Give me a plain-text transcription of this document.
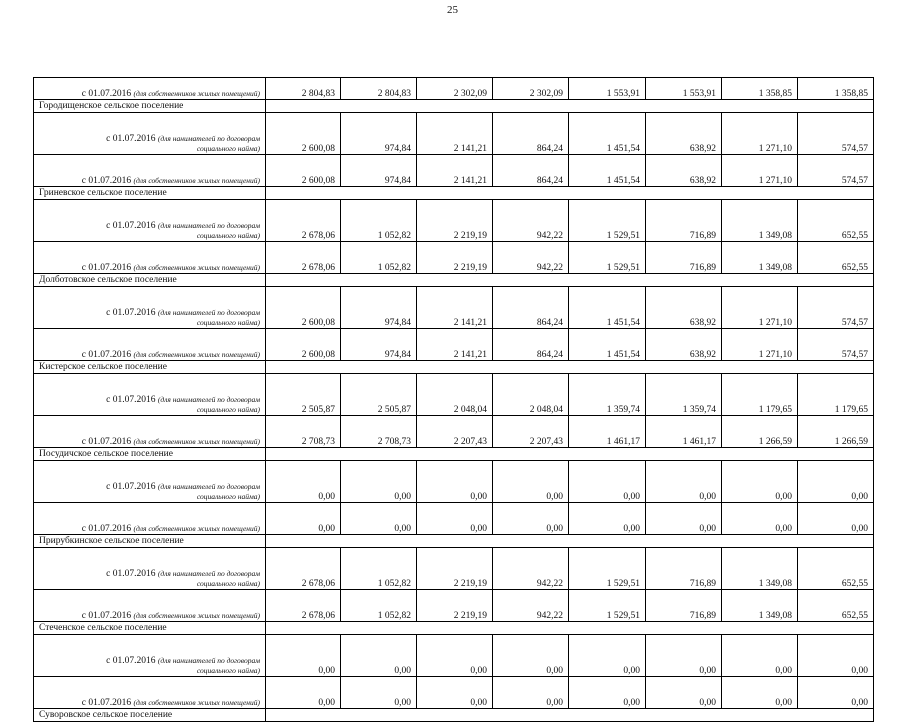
25
с 01.07.2016 (для собственников жилых помещений)	2 804,83	2 804,83	2 302,09	2 302,09	1 553,91	1 553,91	1 358,85	1 358,85
Городищенское сельское поселение								

с 01.07.2016 (для нанимателей по договорам
социального найма)	2 600,08	974,84	2 141,21	864,24	1 451,54	638,92	1 271,10	574,57
с 01.07.2016 (для собственников жилых помещений)	2 600,08	974,84	2 141,21	864,24	1 451,54	638,92	1 271,10	574,57
Гриневское сельское поселение								

с 01.07.2016 (для нанимателей по договорам
социального найма)	2 678,06	1 052,82	2 219,19	942,22	1 529,51	716,89	1 349,08	652,55
с 01.07.2016 (для собственников жилых помещений)	2 678,06	1 052,82	2 219,19	942,22	1 529,51	716,89	1 349,08	652,55
Долботовское сельское поселение								

с 01.07.2016 (для нанимателей по договорам
социального найма)	2 600,08	974,84	2 141,21	864,24	1 451,54	638,92	1 271,10	574,57
с 01.07.2016 (для собственников жилых помещений)	2 600,08	974,84	2 141,21	864,24	1 451,54	638,92	1 271,10	574,57
Кистерское сельское поселение								

с 01.07.2016 (для нанимателей по договорам
социального найма)	2 505,87	2 505,87	2 048,04	2 048,04	1 359,74	1 359,74	1 179,65	1 179,65
с 01.07.2016 (для собственников жилых помещений)	2 708,73	2 708,73	2 207,43	2 207,43	1 461,17	1 461,17	1 266,59	1 266,59
Посудичское сельское поселение								

с 01.07.2016 (для нанимателей по договорам
социального найма)	0,00	0,00	0,00	0,00	0,00	0,00	0,00	0,00
с 01.07.2016 (для собственников жилых помещений)	0,00	0,00	0,00	0,00	0,00	0,00	0,00	0,00
Прирубкинское сельское поселение								

с 01.07.2016 (для нанимателей по договорам
социального найма)	2 678,06	1 052,82	2 219,19	942,22	1 529,51	716,89	1 349,08	652,55
с 01.07.2016 (для собственников жилых помещений)	2 678,06	1 052,82	2 219,19	942,22	1 529,51	716,89	1 349,08	652,55
Стеченское сельское поселение								

с 01.07.2016 (для нанимателей по договорам
социального найма)	0,00	0,00	0,00	0,00	0,00	0,00	0,00	0,00
с 01.07.2016 (для собственников жилых помещений)	0,00	0,00	0,00	0,00	0,00	0,00	0,00	0,00
Суворовское сельское поселение								
